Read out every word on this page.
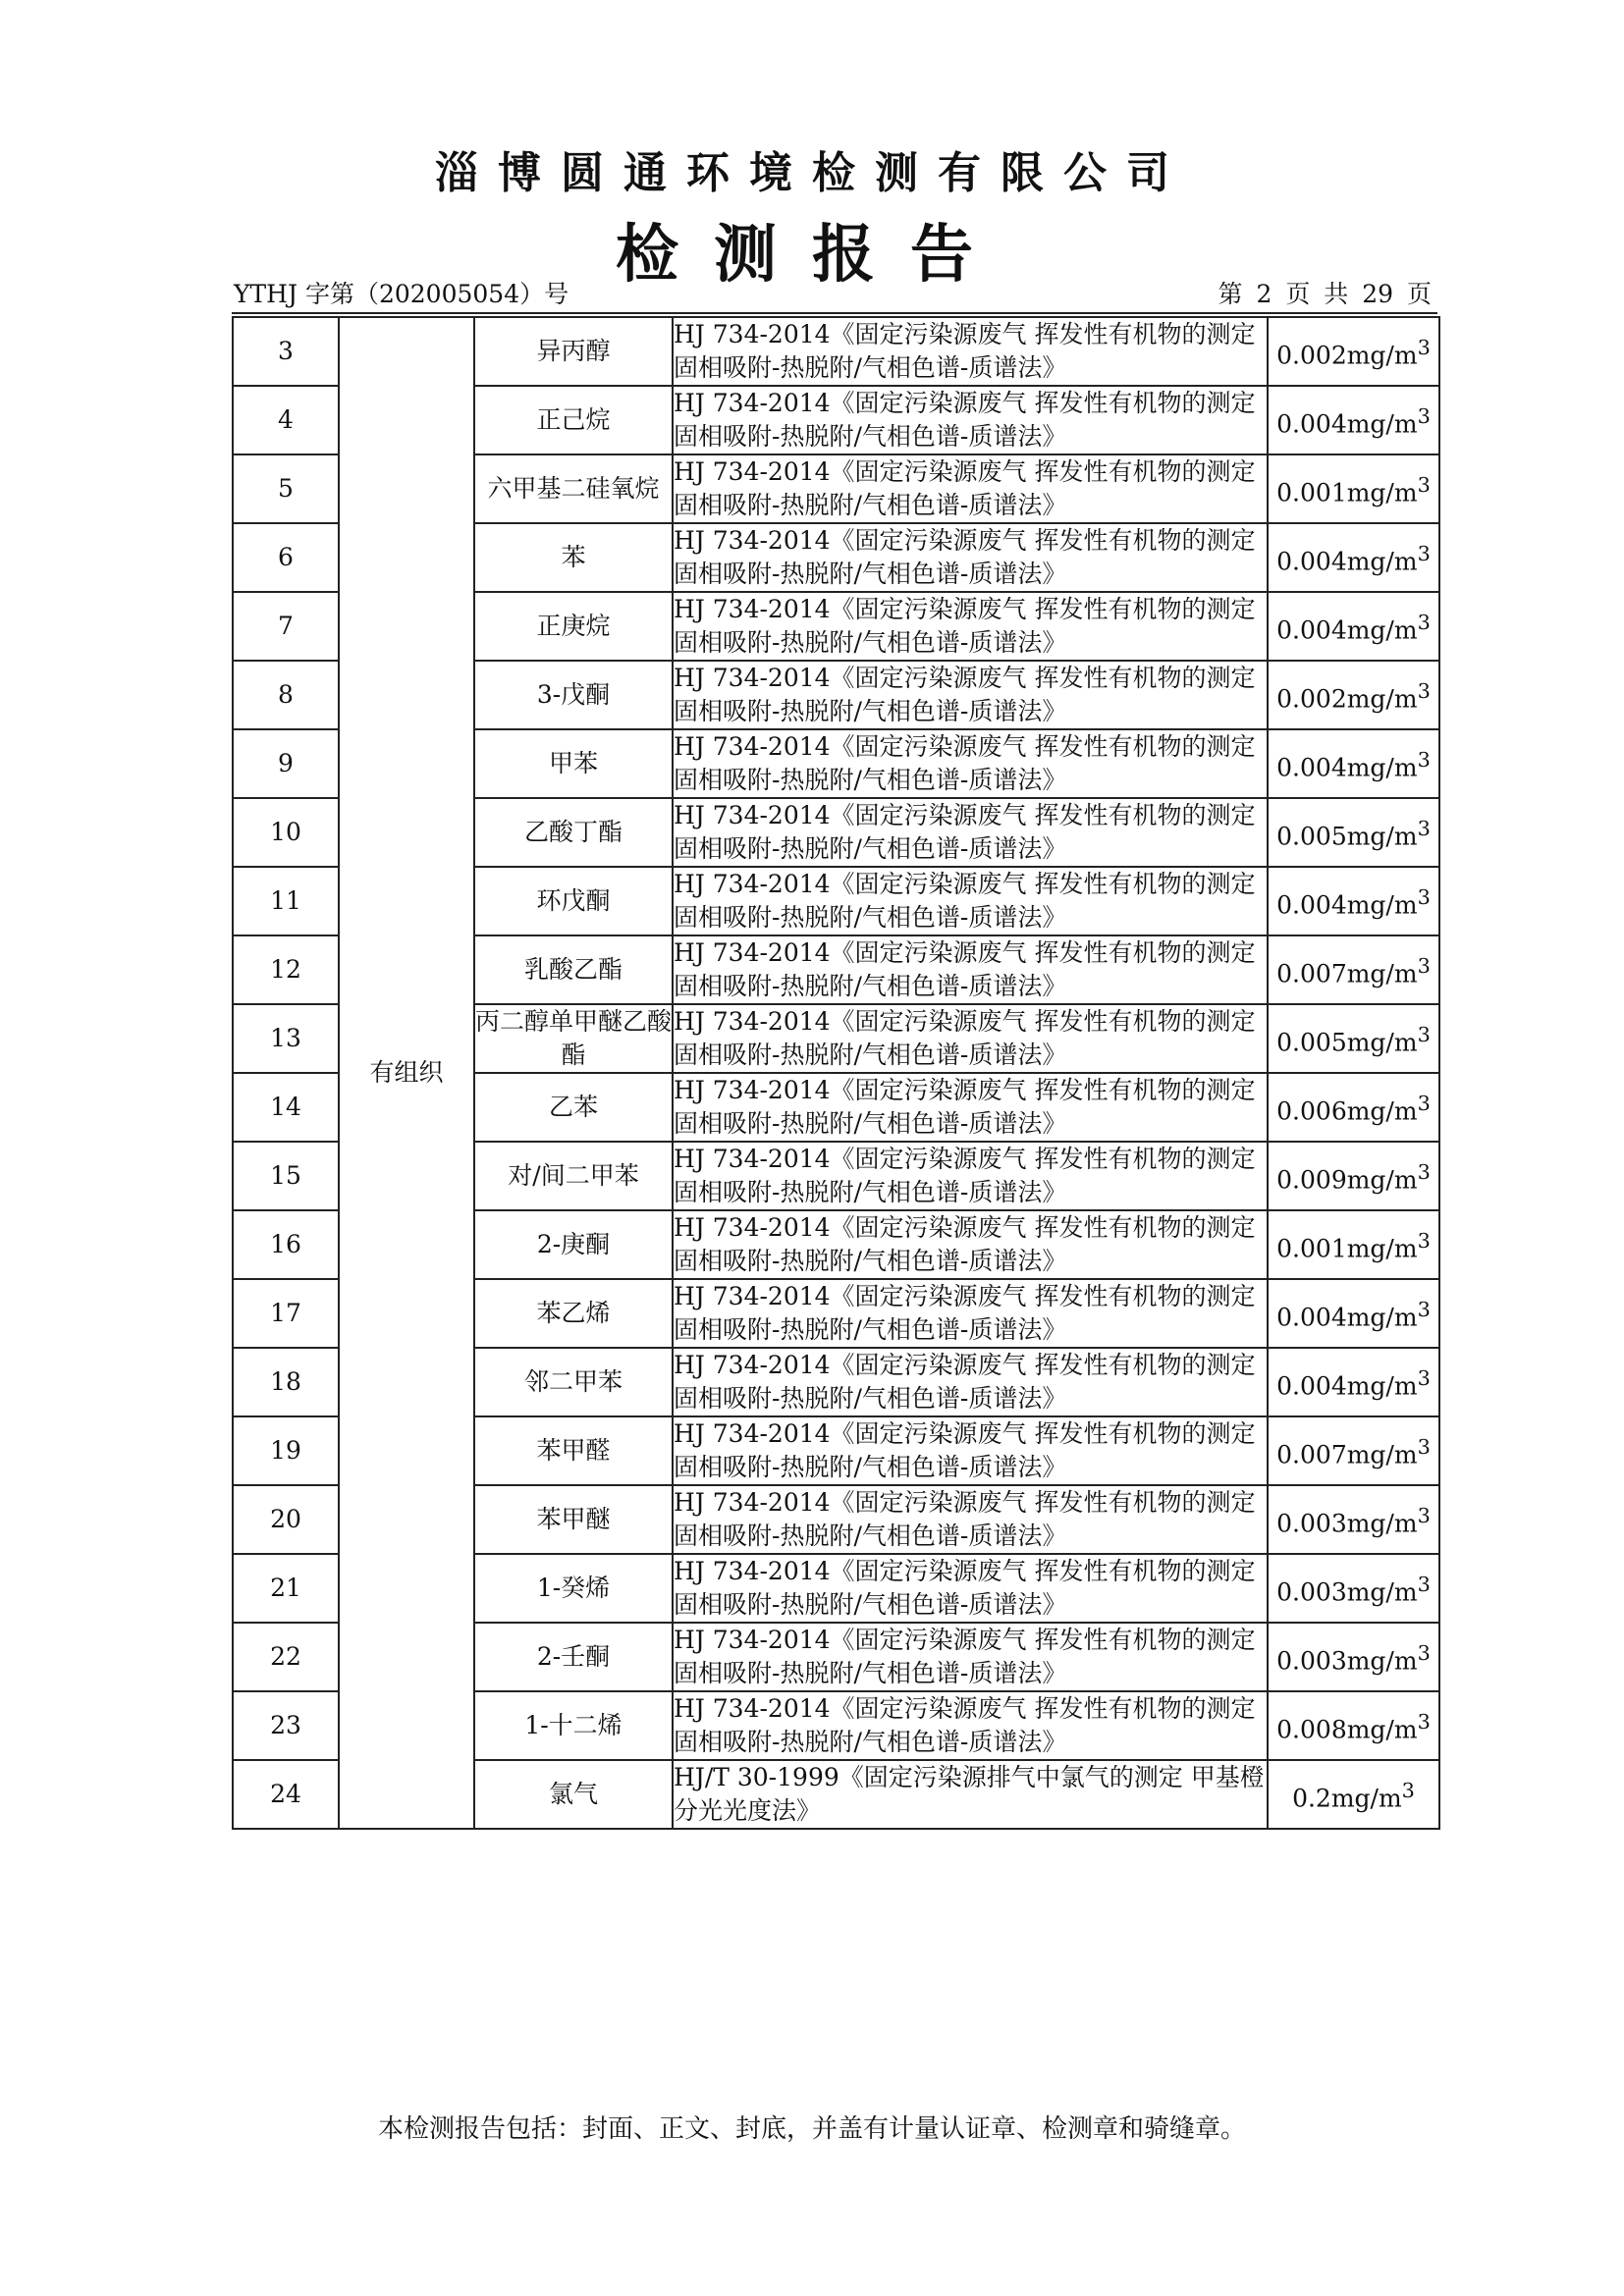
淄博圆通环境检测有限公司
检测报告
YTHJ 字第（202005054）号	第 2 页 共 29 页
3	有组织	异丙醇	HJ 734-2014《固定污染源废气 挥发性有机物的测定 固相吸附-热脱附/气相色谱-质谱法》	$0.002mg/m^3$
4		正己烷	HJ 734-2014《固定污染源废气 挥发性有机物的测定 固相吸附-热脱附/气相色谱-质谱法》	$0.004mg/m^3$
5		六甲基二硅氧烷	HJ 734-2014《固定污染源废气 挥发性有机物的测定 固相吸附-热脱附/气相色谱-质谱法》	$0.001mg/m^3$
6		苯	HJ 734-2014《固定污染源废气 挥发性有机物的测定 固相吸附-热脱附/气相色谱-质谱法》	$0.004mg/m^3$
7		正庚烷	HJ 734-2014《固定污染源废气 挥发性有机物的测定 固相吸附-热脱附/气相色谱-质谱法》	$0.004mg/m^3$
8		3-戊酮	HJ 734-2014《固定污染源废气 挥发性有机物的测定 固相吸附-热脱附/气相色谱-质谱法》	$0.002mg/m^3$
9		甲苯	HJ 734-2014《固定污染源废气 挥发性有机物的测定 固相吸附-热脱附/气相色谱-质谱法》	$0.004mg/m^3$
10		乙酸丁酯	HJ 734-2014《固定污染源废气 挥发性有机物的测定 固相吸附-热脱附/气相色谱-质谱法》	$0.005mg/m^3$
11		环戊酮	HJ 734-2014《固定污染源废气 挥发性有机物的测定 固相吸附-热脱附/气相色谱-质谱法》	$0.004mg/m^3$
12		乳酸乙酯	HJ 734-2014《固定污染源废气 挥发性有机物的测定 固相吸附-热脱附/气相色谱-质谱法》	$0.007mg/m^3$
13		丙二醇单甲醚乙酸酯	HJ 734-2014《固定污染源废气 挥发性有机物的测定 固相吸附-热脱附/气相色谱-质谱法》	$0.005mg/m^3$
14		乙苯	HJ 734-2014《固定污染源废气 挥发性有机物的测定 固相吸附-热脱附/气相色谱-质谱法》	$0.006mg/m^3$
15		对/间二甲苯	HJ 734-2014《固定污染源废气 挥发性有机物的测定 固相吸附-热脱附/气相色谱-质谱法》	$0.009mg/m^3$
16		2-庚酮	HJ 734-2014《固定污染源废气 挥发性有机物的测定 固相吸附-热脱附/气相色谱-质谱法》	$0.001mg/m^3$
17		苯乙烯	HJ 734-2014《固定污染源废气 挥发性有机物的测定 固相吸附-热脱附/气相色谱-质谱法》	$0.004mg/m^3$
18		邻二甲苯	HJ 734-2014《固定污染源废气 挥发性有机物的测定 固相吸附-热脱附/气相色谱-质谱法》	$0.004mg/m^3$
19		苯甲醛	HJ 734-2014《固定污染源废气 挥发性有机物的测定 固相吸附-热脱附/气相色谱-质谱法》	$0.007mg/m^3$
20		苯甲醚	HJ 734-2014《固定污染源废气 挥发性有机物的测定 固相吸附-热脱附/气相色谱-质谱法》	$0.003mg/m^3$
21		1-癸烯	HJ 734-2014《固定污染源废气 挥发性有机物的测定 固相吸附-热脱附/气相色谱-质谱法》	$0.003mg/m^3$
22		2-壬酮	HJ 734-2014《固定污染源废气 挥发性有机物的测定 固相吸附-热脱附/气相色谱-质谱法》	$0.003mg/m^3$
23		1-十二烯	HJ 734-2014《固定污染源废气 挥发性有机物的测定 固相吸附-热脱附/气相色谱-质谱法》	$0.008mg/m^3$
24		氯气	HJ/T 30-1999《固定污染源排气中氯气的测定 甲基橙分光光度法》	$0.2mg/m^3$
本检测报告包括：封面、正文、封底，并盖有计量认证章、检测章和骑缝章。
